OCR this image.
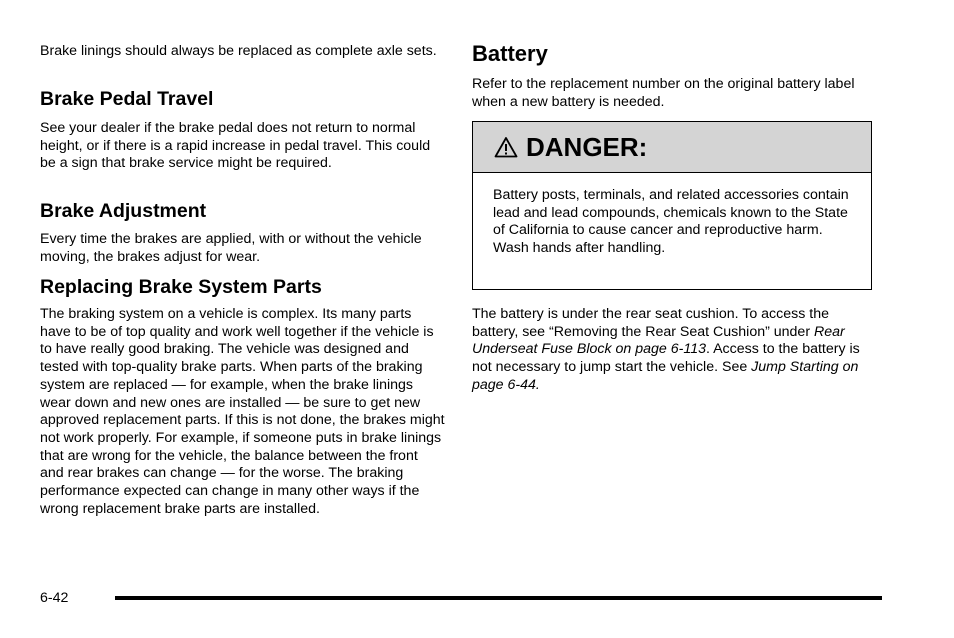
Brake linings should always be replaced as complete axle sets.

Brake Pedal Travel

See your dealer if the brake pedal does not return to normal height, or if there is a rapid increase in pedal travel. This could be a sign that brake service might be required.

Brake Adjustment

Every time the brakes are applied, with or without the vehicle moving, the brakes adjust for wear.

Replacing Brake System Parts

The braking system on a vehicle is complex. Its many parts have to be of top quality and work well together if the vehicle is to have really good braking. The vehicle was designed and tested with top-quality brake parts. When parts of the braking system are replaced — for example, when the brake linings wear down and new ones are installed — be sure to get new approved replacement parts. If this is not done, the brakes might not work properly. For example, if someone puts in brake linings that are wrong for the vehicle, the balance between the front and rear brakes can change — for the worse. The braking performance expected can change in many other ways if the wrong replacement brake parts are installed.

Battery

Refer to the replacement number on the original battery label when a new battery is needed.

The battery is under the rear seat cushion. To access the battery, see “Removing the Rear Seat Cushion” under Rear Underseat Fuse Block on page 6-113. Access to the battery is not necessary to jump start the vehicle. See Jump Starting on page 6-44.

DANGER:

Battery posts, terminals, and related accessories contain lead and lead compounds, chemicals known to the State of California to cause cancer and reproductive harm. Wash hands after handling.

6-42
